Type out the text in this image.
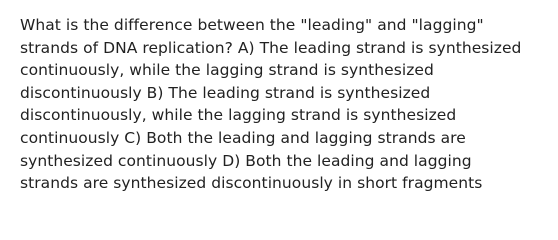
What is the difference between the "leading" and "lagging"
strands of DNA replication? A) The leading strand is synthesized
continuously, while the lagging strand is synthesized
discontinuously B) The leading strand is synthesized
discontinuously, while the lagging strand is synthesized
continuously C) Both the leading and lagging strands are
synthesized continuously D) Both the leading and lagging
strands are synthesized discontinuously in short fragments
